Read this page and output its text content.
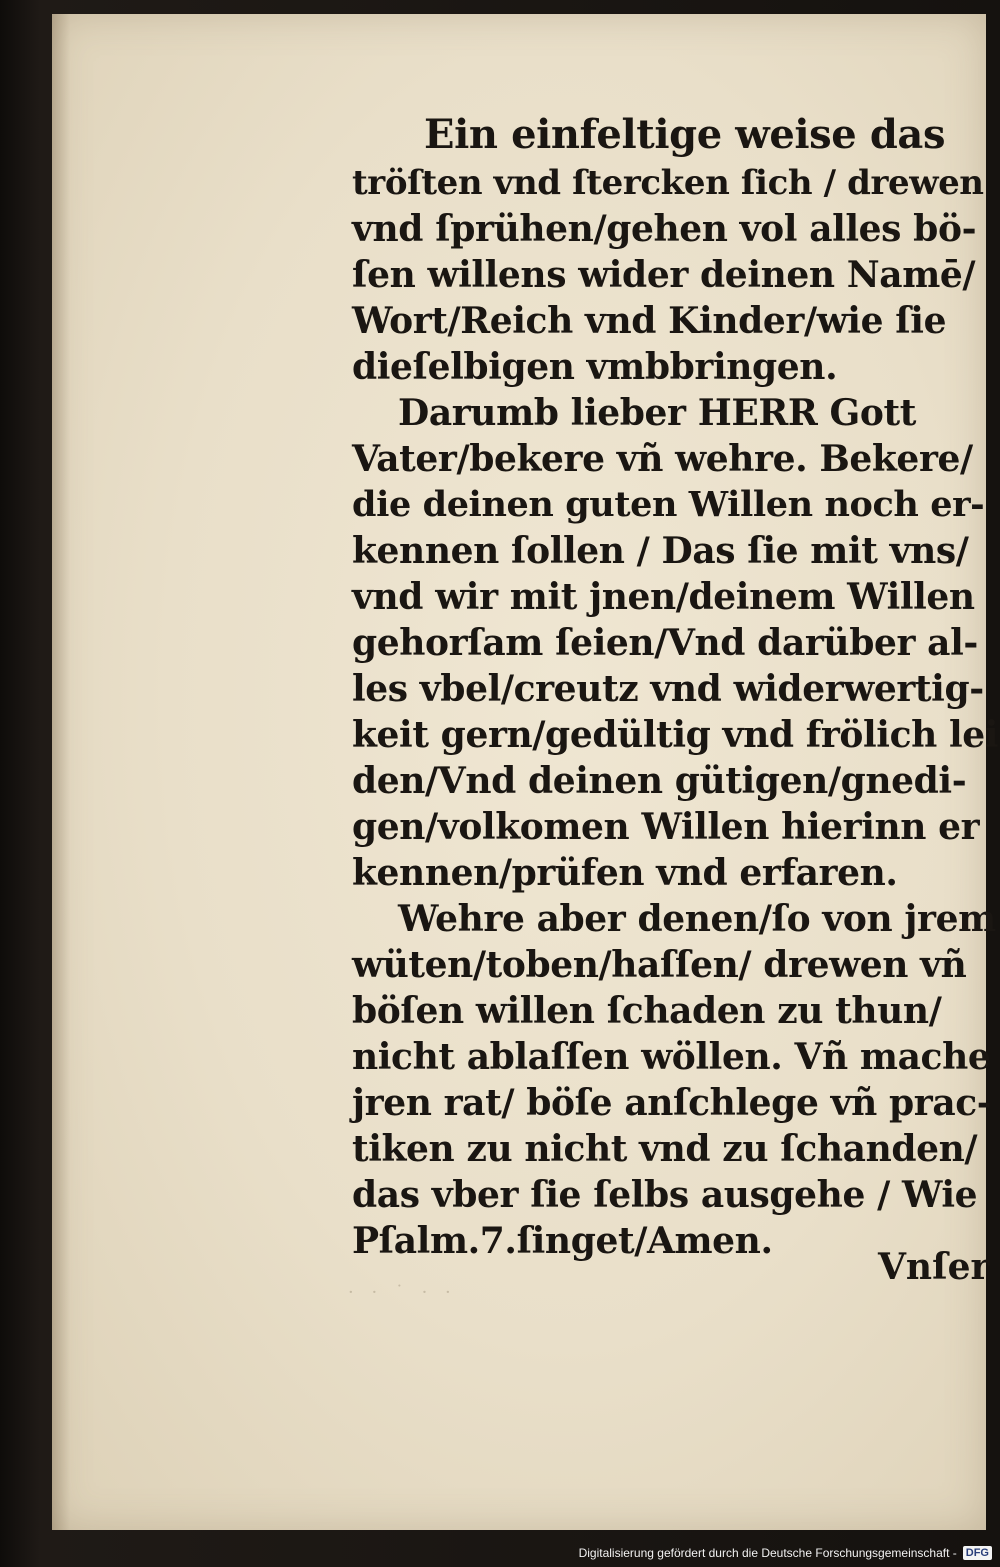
Ein einfeltige weise das
tröſten vnd ſtercken ſich / drewen
vnd ſprühen/gehen vol alles bö-
ſen willens wider deinen Namē/
Wort/Reich vnd Kinder/wie ſie
dieſelbigen vmbbringen.
Darumb lieber HERR Gott
Vater/bekere vñ wehre. Bekere/
die deinen guten Willen noch er-
kennen ſollen / Das ſie mit vns/
vnd wir mit jnen/deinem Willen
gehorſam ſeien/Vnd darüber al-
les vbel/creutz vnd widerwertig-
keit gern/gedültig vnd frölich lei
den/Vnd deinen gütigen/gnedi-
gen/volkomen Willen hierinn er
kennen/prüfen vnd erfaren.
Wehre aber denen/ſo von jrem
wüten/toben/haſſen/ drewen vñ
böſen willen ſchaden zu thun/
nicht ablaſſen wöllen. Vñ mache
jren rat/ böſe anſchlege vñ prac-
tiken zu nicht vnd zu ſchanden/
das vber ſie ſelbs ausgehe / Wie
Pſalm.7.ſinget/Amen.
Vnſer
· · ˙ · ·
Digitalisierung gefördert durch die Deutsche Forschungsgemeinschaft - DFG
